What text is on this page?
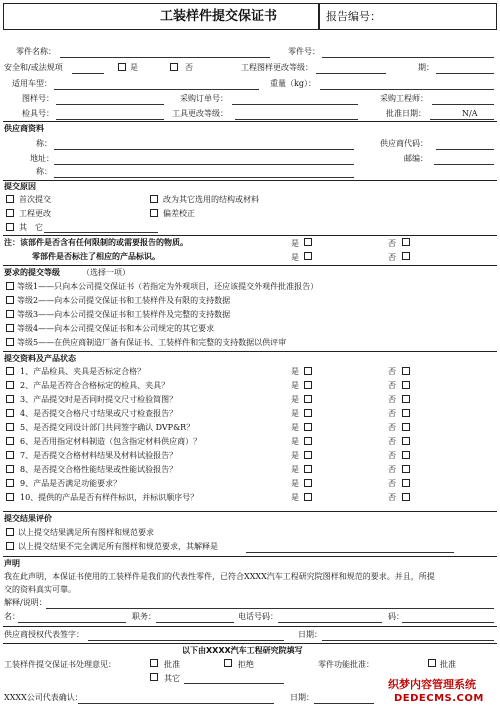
工装样件提交保证书	报告编号：
零件名称：	零件号：
安全和/或法规项	是	否	工程图样更改等级：	期：
适用车型：	重量（kg）：
图样号：	采购订单号：	采购工程师：
检具号：	工具更改等级：	批准日期：	N/A
供应商资料
称：	供应商代码：
地址：	邮编：
称：
提交原因
首次提交	改为其它选用的结构或材料
工程更改	偏差校正
其　它
注：该部件是否含有任何限制的或需要报告的物质。	是	否
零部件是否标注了相应的产品标识。	是	否
要求的提交等级	（选择一项）
等级1——只向本公司提交保证书（若指定为外观项目，还应该提交外观件批准报告）
等级2——向本公司提交保证书和工装样件及有限的支持数据
等级3——向本公司提交保证书和工装样件及完整的支持数据
等级4——向本公司提交保证书和本公司规定的其它要求
等级5——在供应商制造厂备有保证书、工装样件和完整的支持数据以供评审
提交资料及产品状态
1、产品检具、夹具是否标定合格？	是	否
2、产品是否符合合格标定的检具、夹具？	是	否
3、产品提交时是否同时提交尺寸检验简图？	是	否
4、是否提交合格尺寸结果或尺寸检查报告？	是	否
5、是否提交同设计部门共同签字确认 DVP&R？	是	否
6、是否用指定材料制造（包含指定材料供应商）？	是	否
7、是否提交合格材料结果及材料试验报告？	是	否
8、是否提交合格性能结果或性能试验报告？	是	否
9、产品是否满足功能要求？	是	否
10、提供的产品是否有样件标识，并标识顺序号？	是	否
提交结果评价
以上提交结果满足所有图样和规范要求
以上提交结果不完全满足所有图样和规范要求，其解释是
声明
我在此声明，本保证书使用的工装样件是我们的代表性零件，已符合XXXX汽车工程研究院图样和规范的要求。并且，所提
交的资料真实可靠。
解释/说明：
名：	职务：	电话号码：	码：
供应商授权代表签字：	日期：
以下由XXXX汽车工程研究院填写
工装样件提交保证书处理意见：	批准	拒绝	零件功能批准：	批准
其它
XXXX公司代表确认：	日期：
织梦内容管理系统
DEDECMS.COM
